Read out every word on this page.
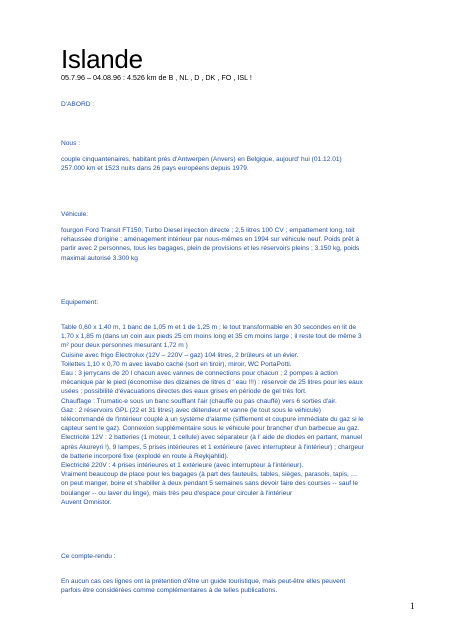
Islande
05.7.96 – 04.08.96 : 4.526 km de B , NL , D , DK , FO , ISL !
D'ABORD :
Nous :

couple cinquantenaires, habitant près d'Antwerpen (Anvers) en Belgique, aujourd' hui (01.12.01)

257.000 km et 1523 nuits dans 26 pays européens depuis 1979.

Véhicule:

fourgon Ford Transit FT150; Turbo Diesel injection directe ; 2,5 litres 100 CV ; empattement long, toit

rehaussée d'origine ; aménagement intérieur par nous-mêmes en 1994 sur véhicule neuf. Poids prêt à

partir avec 2 personnes, tous les bagages, plein de provisions et les réservoirs pleins ; 3.150 kg, poids

maximal autorisé 3.300 kg

Equipement:

Table 0,60 x 1,40 m, 1 banc de 1,05 m et 1 de 1,25 m ; le tout transformable en 30 secondes en lit de

1,70 x 1,85 m (dans un coin aux pieds 25 cm moins long et 35 cm moins large ; il reste tout de même 3

m² pour deux personnes mesurant 1,72 m )

Cuisine avec frigo Electrolux (12V – 220V – gaz) 104 litres, 2 brûleurs et un évier.

Toilettes 1,10 x 0,70 m avec lavabo caché (sort en tiroir), miroir, WC PortaPotti.

Eau : 3 jerrycans de 20 l chacun avec vannes de connections pour chacun ; 2 pompes à action

mécanique par le pied (économise des dizaines de litres d ' eau !!!) : réservoir de 25 litres pour les eaux

usées ; possibilité d'évacuations directes des eaux grises en période de gel très fort.

Chauffage : Trumatic-e sous un banc soufflant l'air (chauffé ou pas chauffé) vers 6 sorties d'air.

Gaz : 2 réservoirs GPL (22 et 31 litres) avec détendeur et vanne (le tout sous le véhicule)

télécommandé de l'intérieur couplé à un système d'alarme (sifflement et coupure immédiate du gaz si le

capteur sent le gaz). Connexion supplémentaire sous le véhicule pour brancher d'un barbecue au gaz.

Electricité 12V : 2 batteries (1 moteur, 1 cellule) avec séparateur (à l' aide de diodes en partant, manuel

après Akureyri !), 9 lampes, 5 prises intérieures et 1 extérieure (avec interrupteur à l'intérieur) ; chargeur

de batterie incorporé fixe (explodé en route à Reykjahlid).

Electricité 220V : 4 prises intérieures et 1 extérieure (avec interrupteur à l'intérieur).

Vraiment beaucoup de place pour les bagages (à part des fauteuils, tables, sièges, parasols, tapis, …

on peut manger, boire et s'habiller à deux pendant 5 semaines sans devoir faire des courses -- sauf le

boulanger -- ou laver du linge), mais très peu d'espace pour circuler à l'intérieur

Auvent Omnistor.

Ce compte-rendu :

En aucun cas ces lignes ont la prétention d'être un guide touristique, mais peut-être elles peuvent

parfois être considérées comme complémentaires à de telles publications.

1
